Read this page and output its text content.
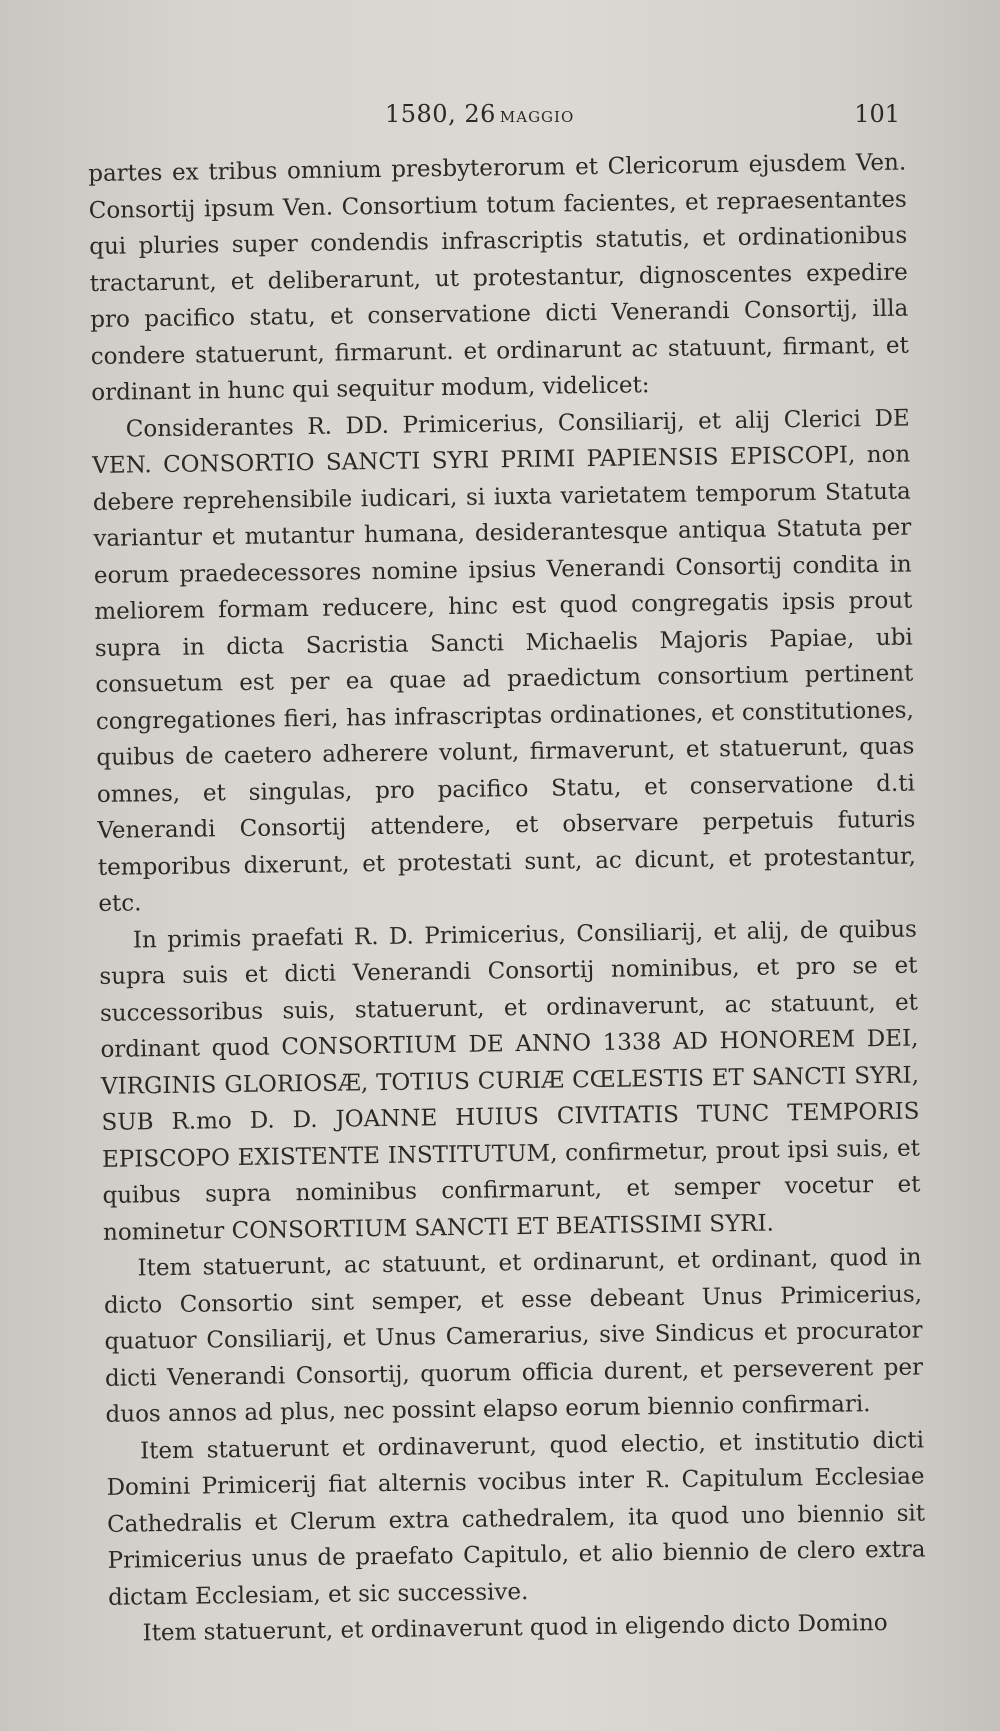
1580, 26 MAGGIO	101

partes ex tribus omnium presbyterorum et Clericorum ejusdem Ven. Consortij ipsum Ven. Consortium totum facientes, et repraesentantes qui pluries super condendis infrascriptis statutis, et ordinationibus tractarunt, et deliberarunt, ut protestantur, dignoscentes expedire pro pacifico statu, et conservatione dicti Venerandi Consortij, illa condere statuerunt, firmarunt. et ordinarunt ac statuunt, firmant, et ordinant in hunc qui sequitur modum, videlicet:

Considerantes R. DD. Primicerius, Consiliarij, et alij Clerici DE VEN. CONSORTIO SANCTI SYRI PRIMI PAPIENSIS EPISCOPI, non debere reprehensibile iudicari, si iuxta varietatem temporum Statuta variantur et mutantur humana, desiderantesque antiqua Statuta per eorum praedecessores nomine ipsius Venerandi Consortij condita in meliorem formam reducere, hinc est quod congregatis ipsis prout supra in dicta Sacristia Sancti Michaelis Majoris Papiae, ubi consuetum est per ea quae ad praedictum consortium pertinent congregationes fieri, has infrascriptas ordinationes, et constitutiones, quibus de caetero adherere volunt, firmaverunt, et statuerunt, quas omnes, et singulas, pro pacifico Statu, et conservatione d.ti Venerandi Consortij attendere, et observare perpetuis futuris temporibus dixerunt, et protestati sunt, ac dicunt, et protestantur, etc.

In primis praefati R. D. Primicerius, Consiliarij, et alij, de quibus supra suis et dicti Venerandi Consortij nominibus, et pro se et successoribus suis, statuerunt, et ordinaverunt, ac statuunt, et ordinant quod CONSORTIUM DE ANNO 1338 AD HONOREM DEI, VIRGINIS GLORIOSÆ, TOTIUS CURIÆ CŒLESTIS ET SANCTI SYRI, SUB R.mo D. D. JOANNE HUIUS CIVITATIS TUNC TEMPORIS EPISCOPO EXISTENTE INSTITUTUM, confirmetur, prout ipsi suis, et quibus supra nominibus confirmarunt, et semper vocetur et nominetur CONSORTIUM SANCTI ET BEATISSIMI SYRI.

Item statuerunt, ac statuunt, et ordinarunt, et ordinant, quod in dicto Consortio sint semper, et esse debeant Unus Primicerius, quatuor Consiliarij, et Unus Camerarius, sive Sindicus et procurator dicti Venerandi Consortij, quorum officia durent, et perseverent per duos annos ad plus, nec possint elapso eorum biennio confirmari.

Item statuerunt et ordinaverunt, quod electio, et institutio dicti Domini Primicerij fiat alternis vocibus inter R. Capitulum Ecclesiae Cathedralis et Clerum extra cathedralem, ita quod uno biennio sit Primicerius unus de praefato Capitulo, et alio biennio de clero extra dictam Ecclesiam, et sic successive.

Item statuerunt, et ordinaverunt quod in eligendo dicto Domino
